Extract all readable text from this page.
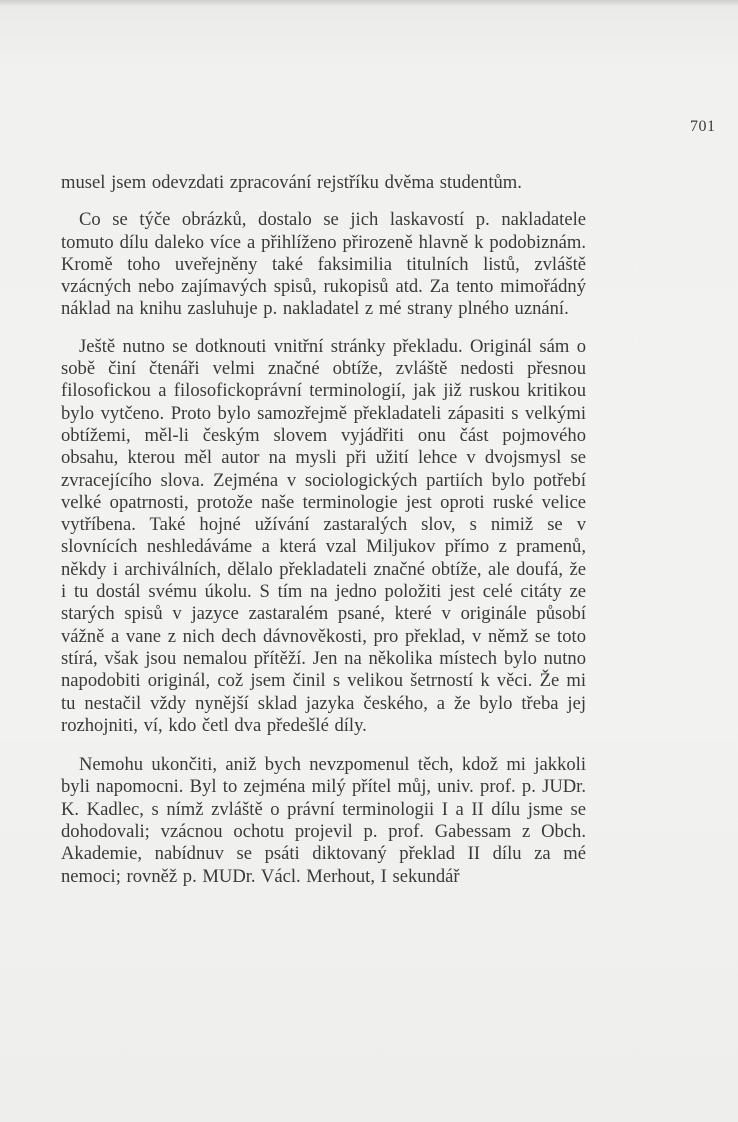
701

musel jsem odevzdati zpracování rejstříku dvěma studentům.

Co se týče obrázků, dostalo se jich laskavostí p. nakladatele tomuto dílu daleko více a přihlíženo přirozeně hlavně k podobiznám. Kromě toho uveřejněny také faksimilia titulních listů, zvláště vzácných nebo zajímavých spisů, rukopisů atd. Za tento mimořádný náklad na knihu zasluhuje p. nakladatel z mé strany plného uznání.

Ještě nutno se dotknouti vnitřní stránky překladu. Originál sám o sobě činí čtenáři velmi značné obtíže, zvláště nedosti přesnou filosofickou a filosofickoprávní terminologií, jak již ruskou kritikou bylo vytčeno. Proto bylo samozřejmě překladateli zápasiti s velkými obtížemi, měl-li českým slovem vyjádřiti onu část pojmového obsahu, kterou měl autor na mysli při užití lehce v dvojsmysl se zvracejícího slova. Zejména v sociologických partiích bylo potřebí velké opatrnosti, protože naše terminologie jest oproti ruské velice vytříbena. Také hojné užívání zastaralých slov, s nimiž se v slovnících neshledáváme a která vzal Miljukov přímo z pramenů, někdy i archiválních, dělalo překladateli značné obtíže, ale doufá, že i tu dostál svému úkolu. S tím na jedno položiti jest celé citáty ze starých spisů v jazyce zastaralém psané, které v originále působí vážně a vane z nich dech dávnověkosti, pro překlad, v němž se toto stírá, však jsou nemalou přítěží. Jen na několika místech bylo nutno napodobiti originál, což jsem činil s velikou šetrností k věci. Že mi tu nestačil vždy nynější sklad jazyka českého, a že bylo třeba jej rozhojniti, ví, kdo četl dva předešlé díly.

Nemohu ukončiti, aniž bych nevzpomenul těch, kdož mi jakkoli byli napomocni. Byl to zejména milý přítel můj, univ. prof. p. JUDr. K. Kadlec, s nímž zvláště o právní terminologii I a II dílu jsme se dohodovali; vzácnou ochotu projevil p. prof. Gabessam z Obch. Akademie, nabídnuv se psáti diktovaný překlad II dílu za mé nemoci; rovněž p. MUDr. Václ. Merhout, I sekundář
